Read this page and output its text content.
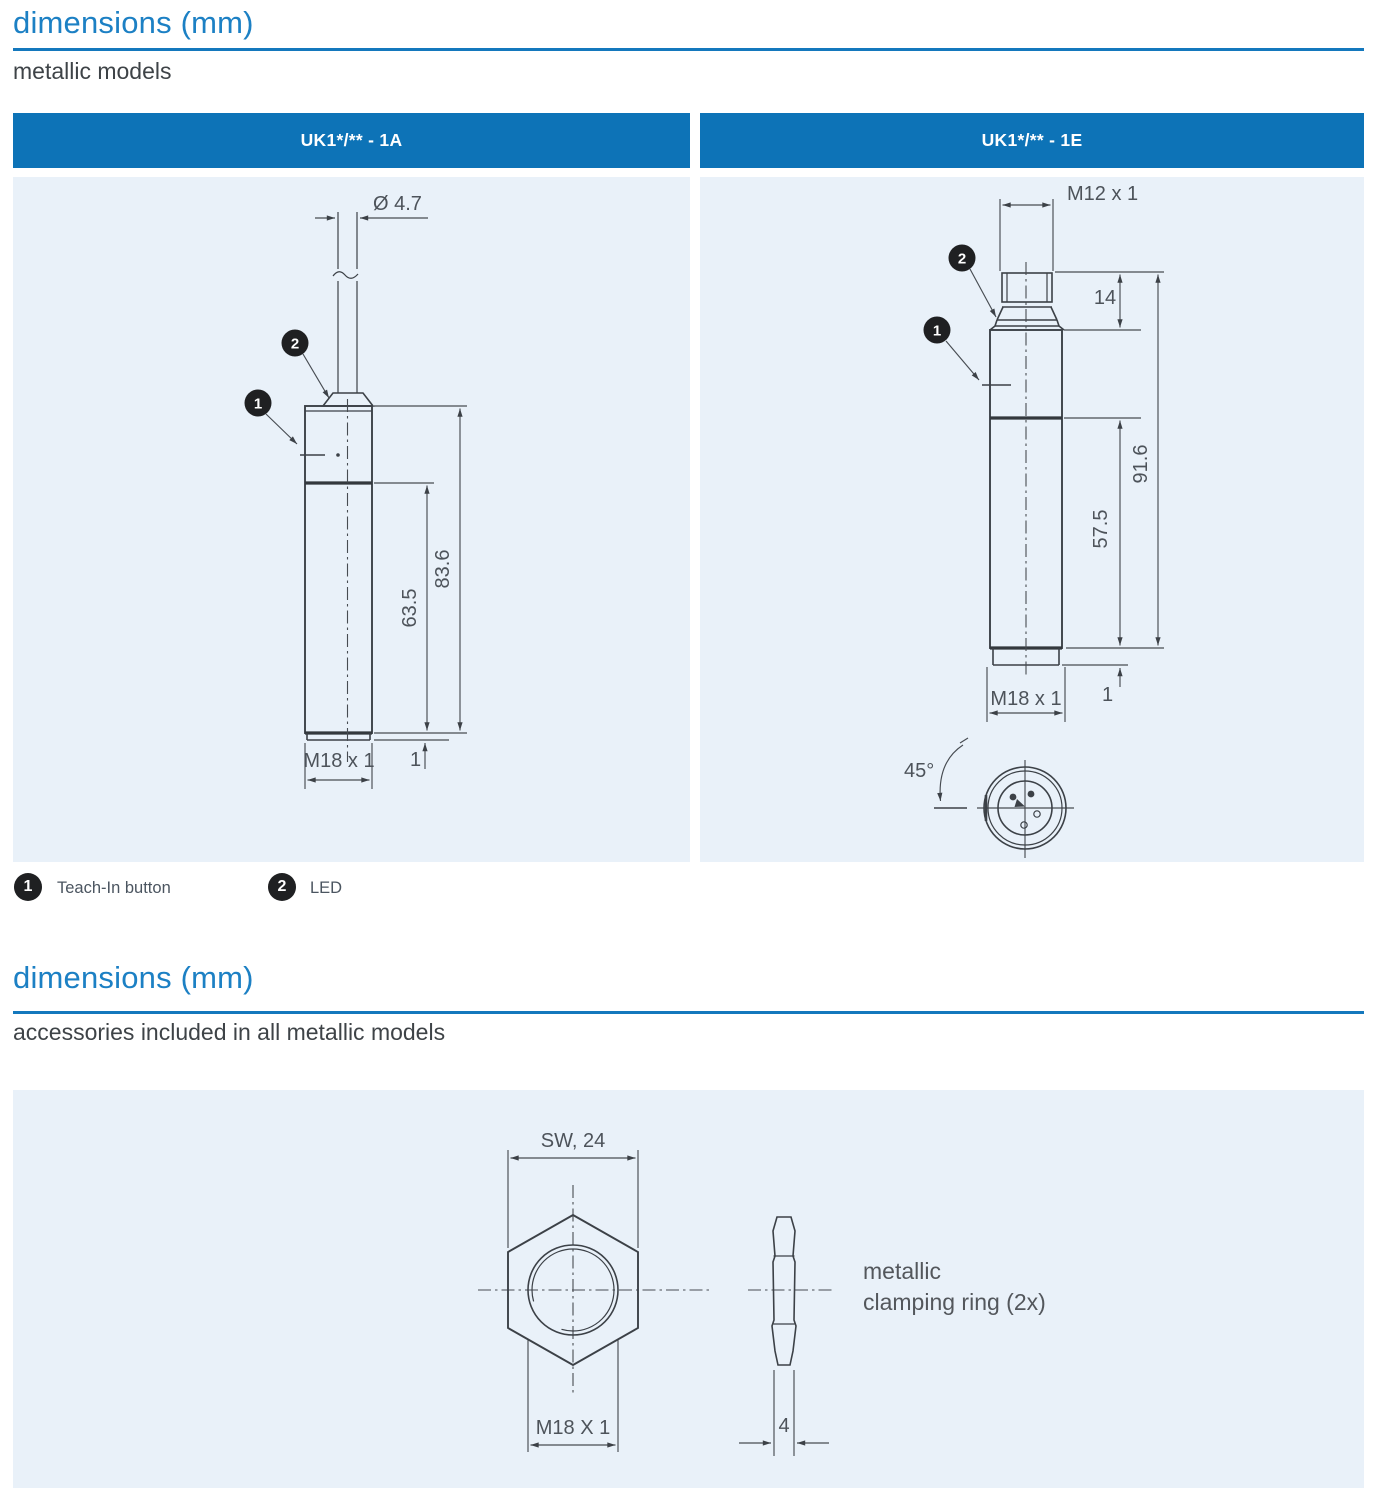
dimensions (mm)
metallic models
UK1*/** - 1A	UK1*/** - 1E
Ø 4.7
2
1
63.5
83.6
1
M18 x 1
M12 x 1
2
1
14
91.6
57.5
1
M18 x 1
45°
1 Teach-In button	2 LED
dimensions (mm)
accessories included in all metallic models
SW, 24
M18 X 1	4
metallic
clamping ring (2x)
